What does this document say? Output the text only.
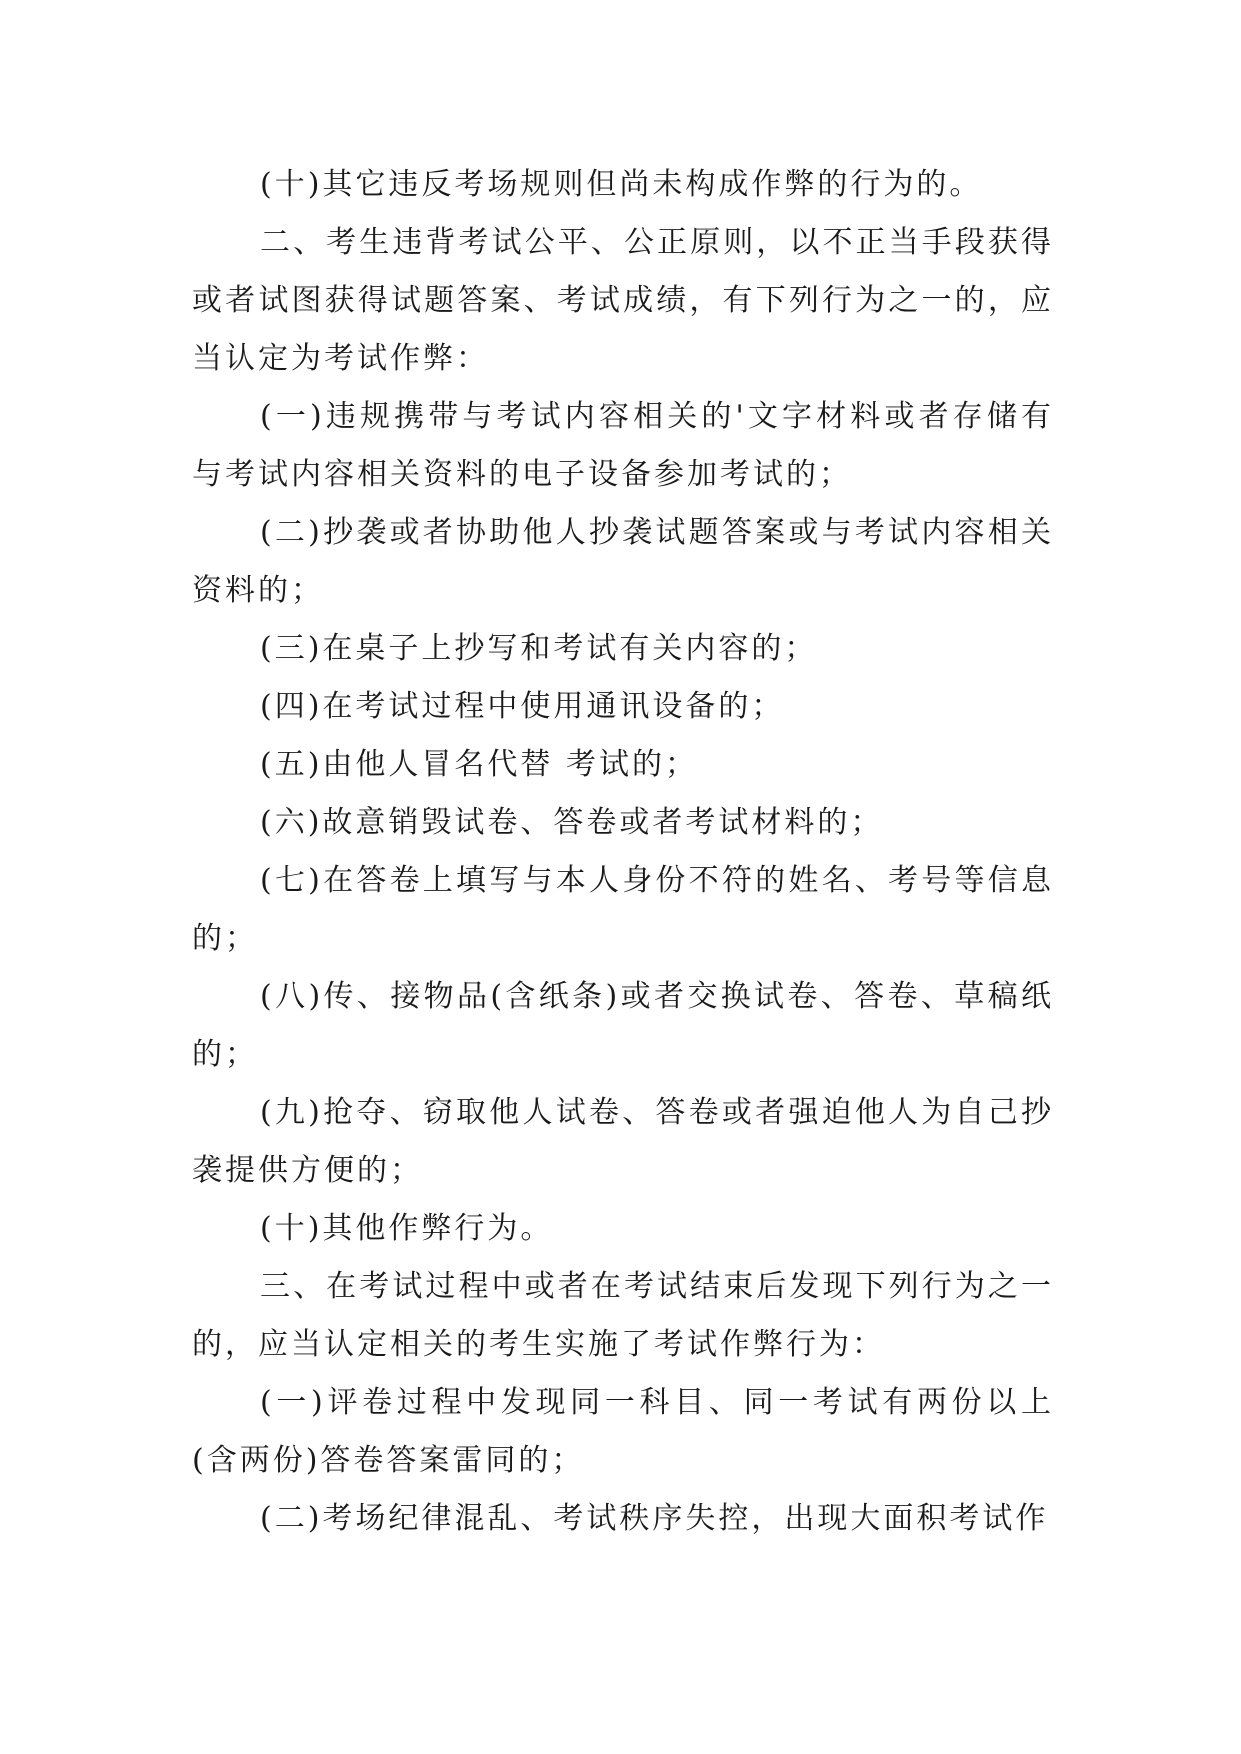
(十)其它违反考场规则但尚未构成作弊的行为的。

二、考生违背考试公平、公正原则，以不正当手段获得或者试图获得试题答案、考试成绩，有下列行为之一的，应当认定为考试作弊：

(一)违规携带与考试内容相关的'文字材料或者存储有与考试内容相关资料的电子设备参加考试的；

(二)抄袭或者协助他人抄袭试题答案或与考试内容相关资料的；

(三)在桌子上抄写和考试有关内容的；

(四)在考试过程中使用通讯设备的；

(五)由他人冒名代替 考试的；

(六)故意销毁试卷、答卷或者考试材料的；

(七)在答卷上填写与本人身份不符的姓名、考号等信息的；

(八)传、接物品(含纸条)或者交换试卷、答卷、草稿纸的；

(九)抢夺、窃取他人试卷、答卷或者强迫他人为自己抄袭提供方便的；

(十)其他作弊行为。

三、在考试过程中或者在考试结束后发现下列行为之一的，应当认定相关的考生实施了考试作弊行为：

(一)评卷过程中发现同一科目、同一考试有两份以上(含两份)答卷答案雷同的；

(二)考场纪律混乱、考试秩序失控，出现大面积考试作
